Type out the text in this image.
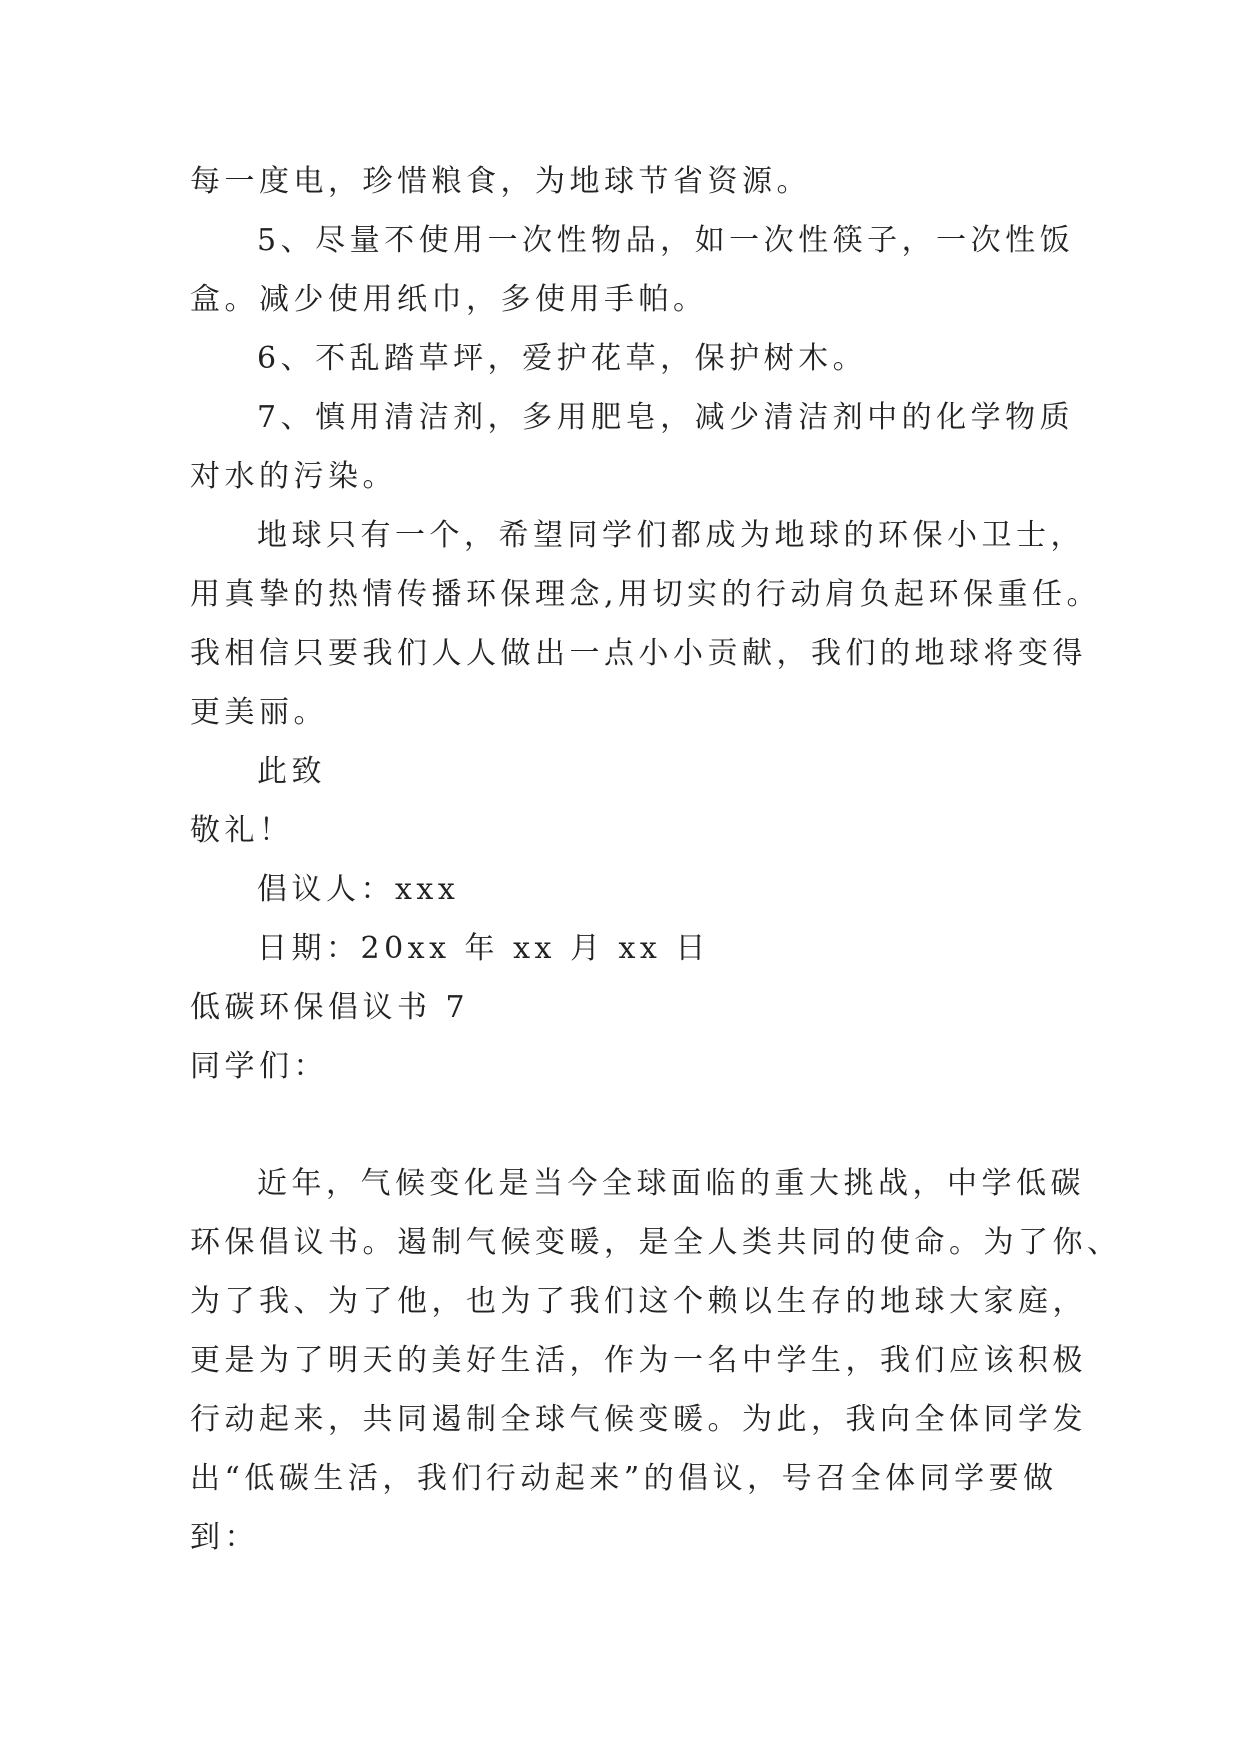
每一度电，珍惜粮食，为地球节省资源。
5、尽量不使用一次性物品，如一次性筷子，一次性饭
盒。减少使用纸巾，多使用手帕。
6、不乱踏草坪，爱护花草，保护树木。
7、慎用清洁剂，多用肥皂，减少清洁剂中的化学物质
对水的污染。
地球只有一个，希望同学们都成为地球的环保小卫士，
用真挚的热情传播环保理念,用切实的行动肩负起环保重任。
我相信只要我们人人做出一点小小贡献，我们的地球将变得
更美丽。
此致
敬礼！
倡议人：xxx
日期：20xx 年 xx 月 xx 日
低碳环保倡议书 7
同学们：
近年，气候变化是当今全球面临的重大挑战，中学低碳
环保倡议书。遏制气候变暖，是全人类共同的使命。为了你、
为了我、为了他，也为了我们这个赖以生存的地球大家庭，
更是为了明天的美好生活，作为一名中学生，我们应该积极
行动起来，共同遏制全球气候变暖。为此，我向全体同学发
出“低碳生活，我们行动起来”的倡议，号召全体同学要做
到：
